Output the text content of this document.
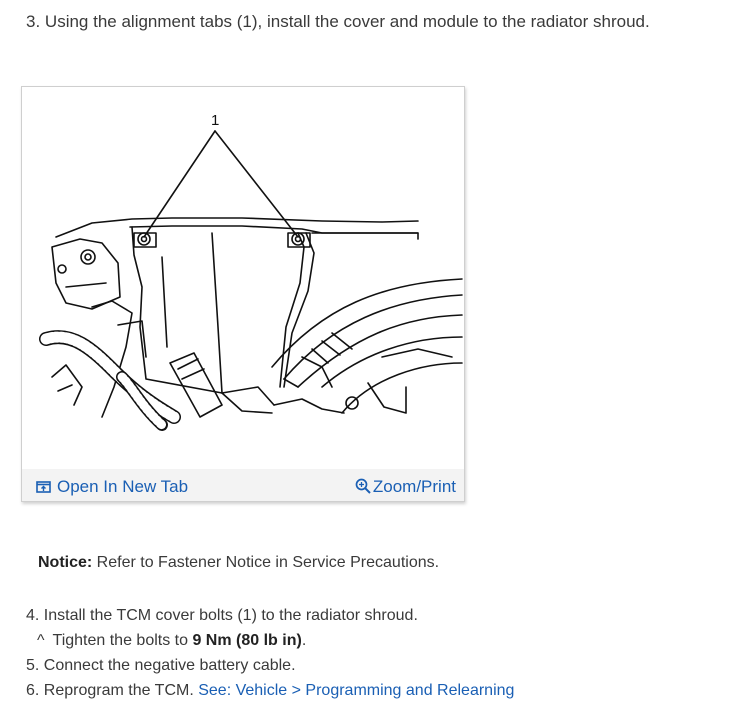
3. Using the alignment tabs (1), install the cover and module to the radiator shroud.
1
Open In New Tab	Zoom/Print
Notice: Refer to Fastener Notice in Service Precautions.
4. Install the TCM cover bolts (1) to the radiator shroud.
^ Tighten the bolts to 9 Nm (80 lb in).
5. Connect the negative battery cable.
6. Reprogram the TCM. See: Vehicle > Programming and Relearning
